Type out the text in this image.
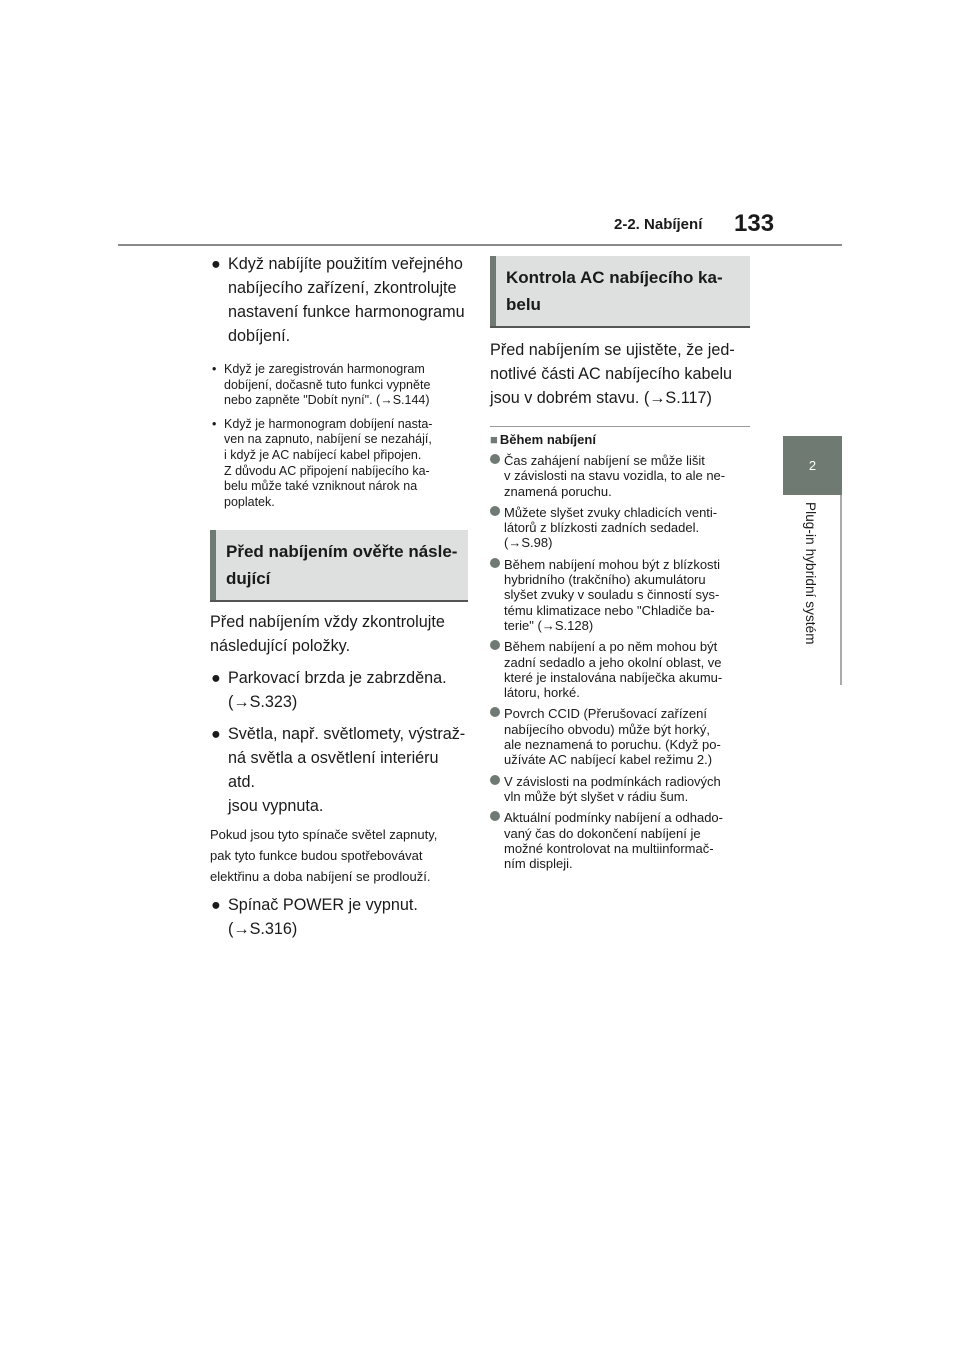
2-2. Nabíjení 133
2
Plug-in hybridní systém
● Když nabíjíte použitím veřejného
nabíjecího zařízení, zkontrolujte
nastavení funkce harmonogramu
dobíjení.
• Když je zaregistrován harmonogram
dobíjení, dočasně tuto funkci vypněte
nebo zapněte "Dobít nyní". (→S.144)
• Když je harmonogram dobíjení nasta-
ven na zapnuto, nabíjení se nezahájí,
i když je AC nabíjecí kabel připojen.
Z důvodu AC připojení nabíjecího ka-
belu může také vzniknout nárok na
poplatek.
Před nabíjením ověřte násle-
dující
Před nabíjením vždy zkontrolujte
následující položky.
● Parkovací brzda je zabrzděna.
(→S.323)
● Světla, např. světlomety, výstraž-
ná světla a osvětlení interiéru atd.
jsou vypnuta.
Pokud jsou tyto spínače světel zapnuty,
pak tyto funkce budou spotřebovávat
elektřinu a doba nabíjení se prodlouží.
● Spínač POWER je vypnut.
(→S.316)
Kontrola AC nabíjecího ka-
belu
Před nabíjením se ujistěte, že jed-
notlivé části AC nabíjecího kabelu
jsou v dobrém stavu. (→S.117)
■ Během nabíjení
Čas zahájení nabíjení se může lišit
v závislosti na stavu vozidla, to ale ne-
znamená poruchu.
Můžete slyšet zvuky chladicích venti-
látorů z blízkosti zadních sedadel.
(→S.98)
Během nabíjení mohou být z blízkosti
hybridního (trakčního) akumulátoru
slyšet zvuky v souladu s činností sys-
tému klimatizace nebo "Chladiče ba-
terie" (→S.128)
Během nabíjení a po něm mohou být
zadní sedadlo a jeho okolní oblast, ve
které je instalována nabíječka akumu-
látoru, horké.
Povrch CCID (Přerušovací zařízení
nabíjecího obvodu) může být horký,
ale neznamená to poruchu. (Když po-
užíváte AC nabíjecí kabel režimu 2.)
V závislosti na podmínkách radiových
vln může být slyšet v rádiu šum.
Aktuální podmínky nabíjení a odhado-
vaný čas do dokončení nabíjení je
možné kontrolovat na multiinformač-
ním displeji.
